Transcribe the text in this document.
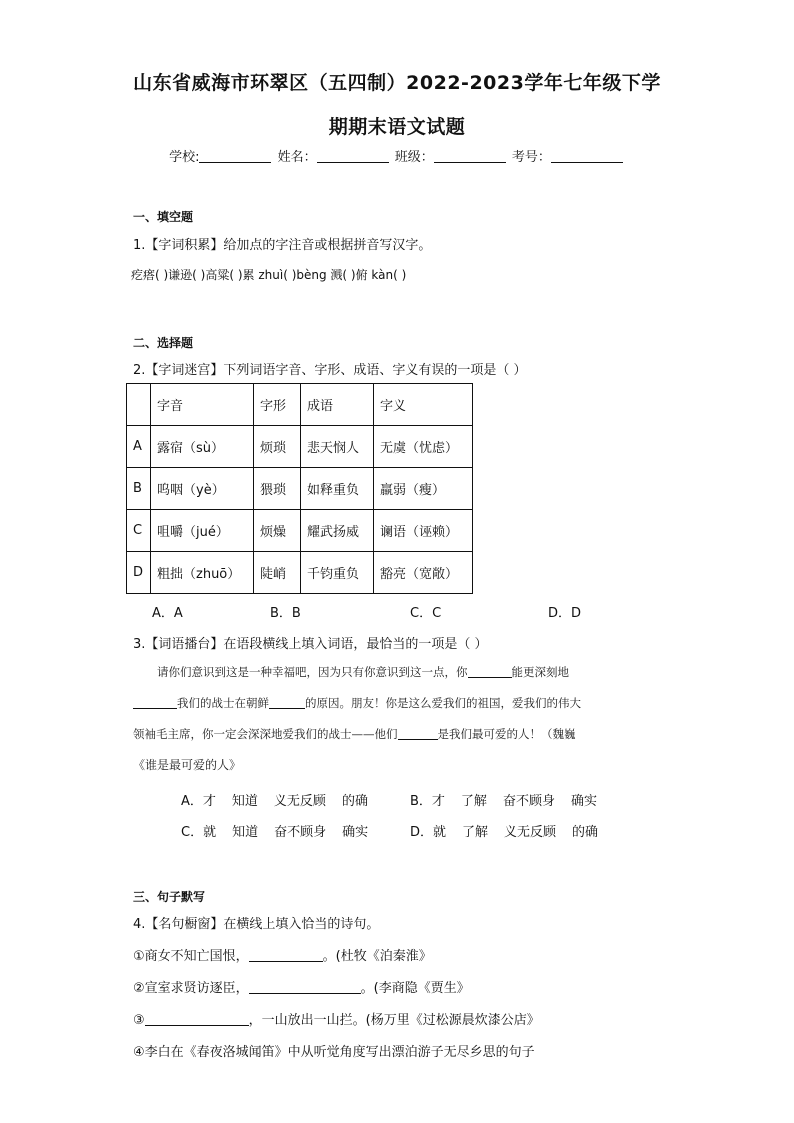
山东省威海市环翠区（五四制）2022-2023学年七年级下学
期期末语文试题
学校:	姓名：	班级：	考号：
一、填空题
1.【字词积累】给加点的字注音或根据拼音写汉字。
疙瘩( )谦逊( )高粱( )累 zhuì( )bèng 溅( )俯 kàn( )
二、选择题
2.【字词迷宫】下列词语字音、字形、成语、字义有误的一项是（ ）
	字音	字形	成语	字义
A	露宿（sù）	烦琐	悲天悯人	无虞（忧虑）
B	呜咽（yè）	猥琐	如释重负	羸弱（瘦）
C	咀嚼（jué）	烦燥	耀武扬威	谰语（诬赖）
D	粗拙（zhuō）	陡峭	千钧重负	豁亮（宽敞）
A．A	B．B	C．C	D．D
3.【词语播台】在语段横线上填入词语，最恰当的一项是（ ）
请你们意识到这是一种幸福吧，因为只有你意识到这一点，你	能更深刻地
我们的战士在朝鲜	的原因。朋友！你是这么爱我们的祖国，爱我们的伟大
领袖毛主席，你一定会深深地爱我们的战士——他们	是我们最可爱的人！（魏巍
《谁是最可爱的人》
A．才 知道 义无反顾 的确	B．才 了解 奋不顾身 确实
C．就 知道 奋不顾身 确实	D．就 了解 义无反顾 的确
三、句子默写
4.【名句橱窗】在横线上填入恰当的诗句。
①商女不知亡国恨，	。(杜牧《泊秦淮》
②宣室求贤访逐臣，	。(李商隐《贾生》
③	，一山放出一山拦。(杨万里《过松源晨炊漆公店》
④李白在《春夜洛城闻笛》中从听觉角度写出漂泊游子无尽乡思的句子
